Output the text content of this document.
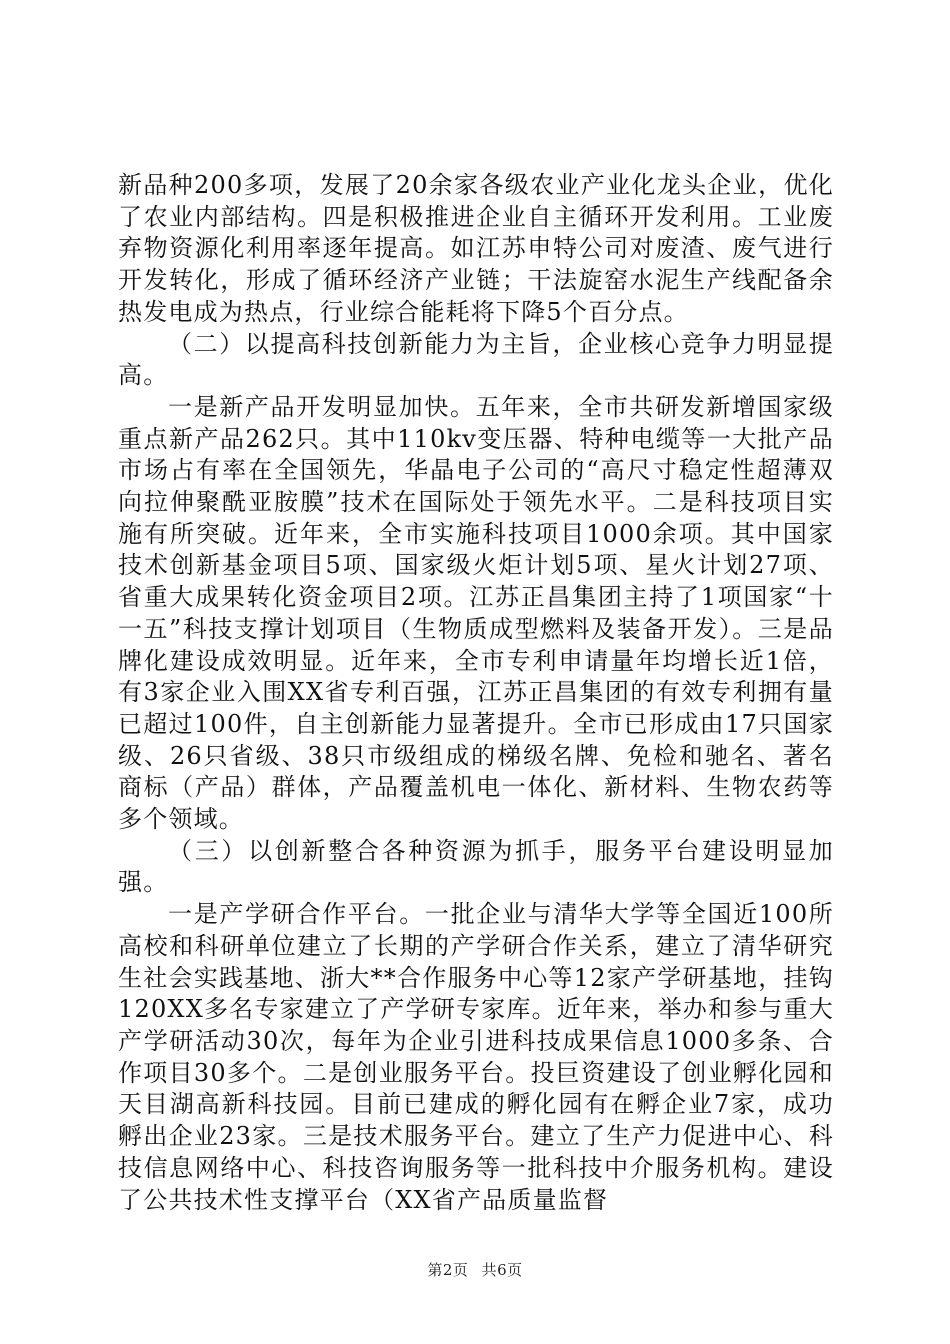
新品种200多项，发展了20余家各级农业产业化龙头企业，优化了农业内部结构。四是积极推进企业自主循环开发利用。工业废弃物资源化利用率逐年提高。如江苏申特公司对废渣、废气进行开发转化，形成了循环经济产业链；干法旋窑水泥生产线配备余热发电成为热点，行业综合能耗将下降5个百分点。

（二）以提高科技创新能力为主旨，企业核心竞争力明显提高。

一是新产品开发明显加快。五年来，全市共研发新增国家级重点新产品262只。其中110kv变压器、特种电缆等一大批产品市场占有率在全国领先，华晶电子公司的“高尺寸稳定性超薄双向拉伸聚酰亚胺膜”技术在国际处于领先水平。二是科技项目实施有所突破。近年来，全市实施科技项目1000余项。其中国家技术创新基金项目5项、国家级火炬计划5项、星火计划27项、省重大成果转化资金项目2项。江苏正昌集团主持了1项国家“十一五”科技支撑计划项目（生物质成型燃料及装备开发）。三是品牌化建设成效明显。近年来，全市专利申请量年均增长近1倍，有3家企业入围XX省专利百强，江苏正昌集团的有效专利拥有量已超过100件，自主创新能力显著提升。全市已形成由17只国家级、26只省级、38只市级组成的梯级名牌、免检和驰名、著名商标（产品）群体，产品覆盖机电一体化、新材料、生物农药等多个领域。

（三）以创新整合各种资源为抓手，服务平台建设明显加强。

一是产学研合作平台。一批企业与清华大学等全国近100所高校和科研单位建立了长期的产学研合作关系，建立了清华研究生社会实践基地、浙大**合作服务中心等12家产学研基地，挂钩120XX多名专家建立了产学研专家库。近年来，举办和参与重大产学研活动30次，每年为企业引进科技成果信息1000多条、合作项目30多个。二是创业服务平台。投巨资建设了创业孵化园和天目湖高新科技园。目前已建成的孵化园有在孵企业7家，成功孵出企业23家。三是技术服务平台。建立了生产力促进中心、科技信息网络中心、科技咨询服务等一批科技中介服务机构。建设了公共技术性支撑平台（XX省产品质量监督

第2页 共6页
